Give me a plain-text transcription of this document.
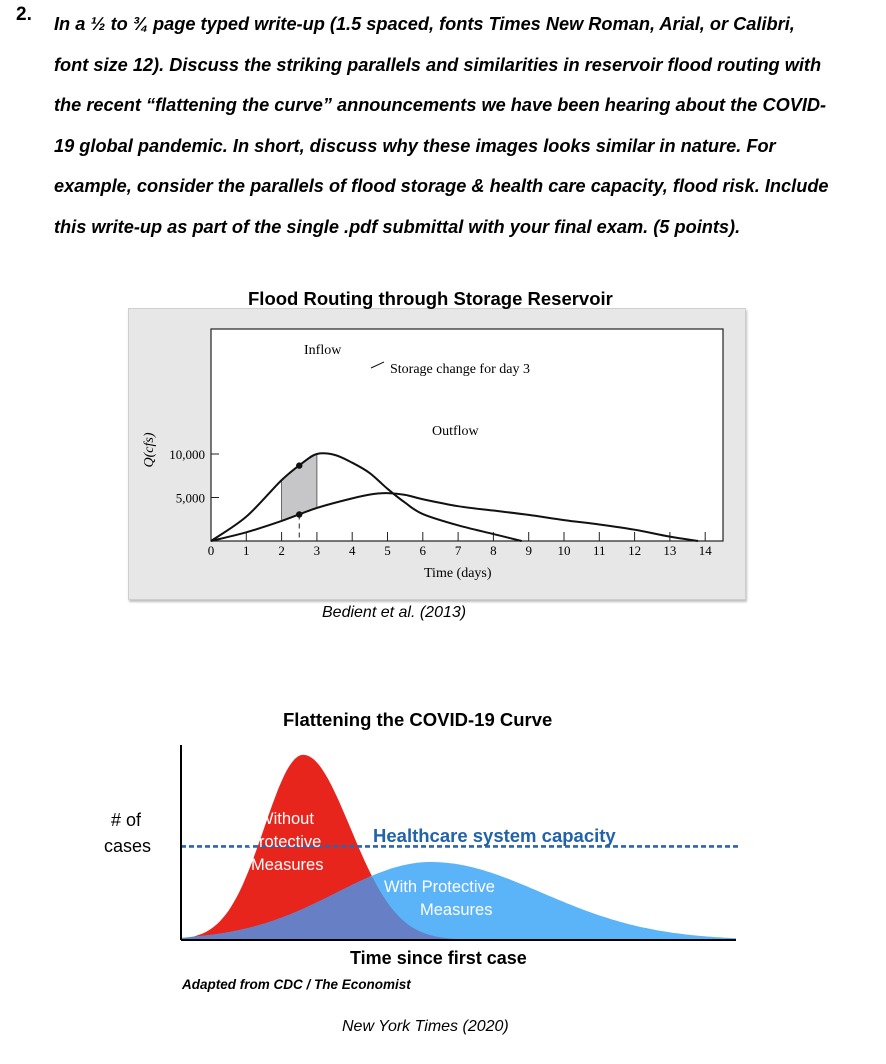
2. In a ½ to ¾ page typed write-up (1.5 spaced, fonts Times New Roman, Arial, or Calibri,
font size 12). Discuss the striking parallels and similarities in reservoir flood routing with
the recent “flattening the curve” announcements we have been hearing about the COVID-
19 global pandemic. In short, discuss why these images looks similar in nature. For
example, consider the parallels of flood storage & health care capacity, flood risk. Include
this write-up as part of the single .pdf submittal with your final exam. (5 points).
Flood Routing through Storage Reservoir
0 1 2 3 4 5 6 7 8 9 10 11 12 13 14
10,000
5,000
Inflow
Storage change for day 3
Outflow
Time (days)
Q(cfs)
Bedient et al. (2013)
Flattening the COVID-19 Curve
# of
cases
Without
Protective
Measures
Healthcare system capacity
With Protective
Measures
Time since first case
Adapted from CDC / The Economist
New York Times (2020)
